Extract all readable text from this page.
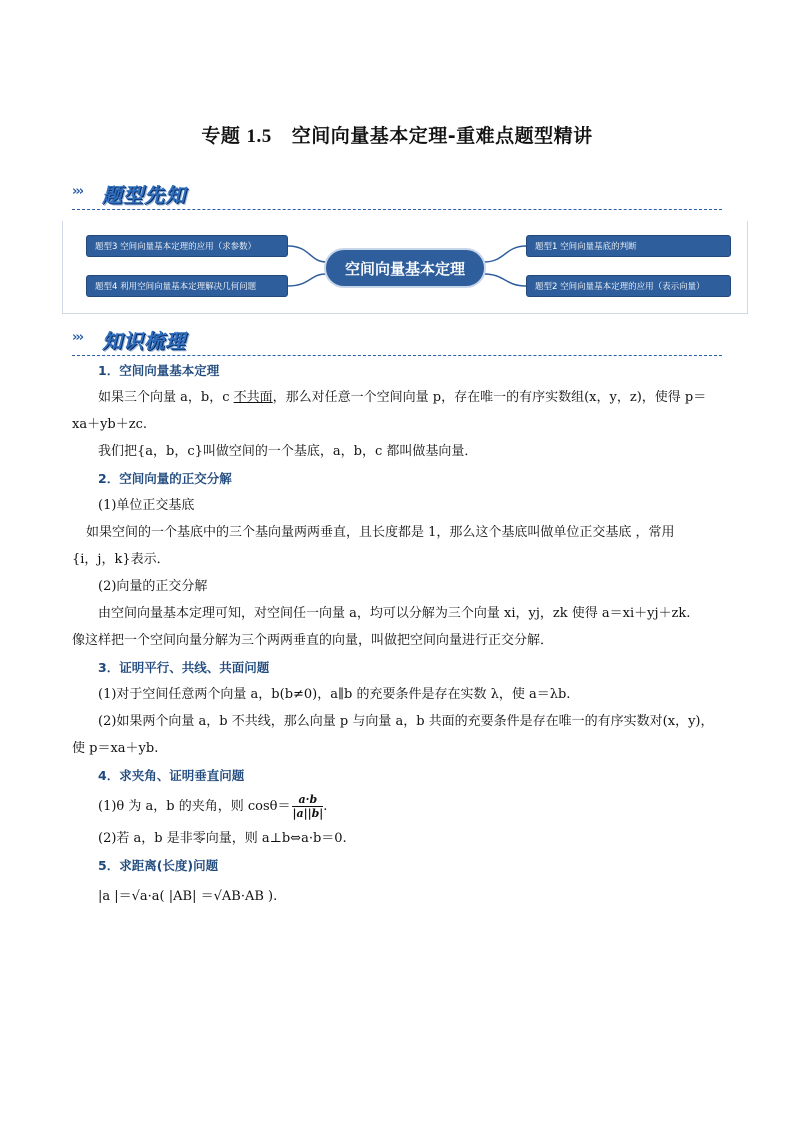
专题 1.5 空间向量基本定理-重难点题型精讲
››› 题型先知
题型3 空间向量基本定理的应用（求参数）
题型4 利用空间向量基本定理解决几何问题
题型1 空间向量基底的判断
题型2 空间向量基本定理的应用（表示向量）
空间向量基本定理
››› 知识梳理
1．空间向量基本定理
如果三个向量 a，b，c 不共面，那么对任意一个空间向量 p，存在唯一的有序实数组(x，y，z)，使得 p＝
xa＋yb＋zc.
我们把{a，b，c}叫做空间的一个基底，a，b，c 都叫做基向量．
2．空间向量的正交分解
(1)单位正交基底
如果空间的一个基底中的三个基向量两两垂直，且长度都是 1，那么这个基底叫做单位正交基底 ，常用
{i，j，k}表示．
(2)向量的正交分解
由空间向量基本定理可知，对空间任一向量 a，均可以分解为三个向量 xi，yj，zk 使得 a＝xi＋yj＋zk.
像这样把一个空间向量分解为三个两两垂直的向量，叫做把空间向量进行正交分解．
3．证明平行、共线、共面问题
(1)对于空间任意两个向量 a，b(b≠0)，a∥b 的充要条件是存在实数 λ，使 a＝λb.
(2)如果两个向量 a，b 不共线，那么向量 p 与向量 a，b 共面的充要条件是存在唯一的有序实数对(x，y)，
使 p＝xa＋yb.
4．求夹角、证明垂直问题
(1)θ 为 a，b 的夹角，则 $\cos\theta= \frac{a\cdot b}{|a||b|}$ .
(2)若 a，b 是非零向量，则 a⊥b⇔a·b＝0.
5．求距离(长度)问题
|a |＝√a·a( |AB| ＝√AB·AB ).
